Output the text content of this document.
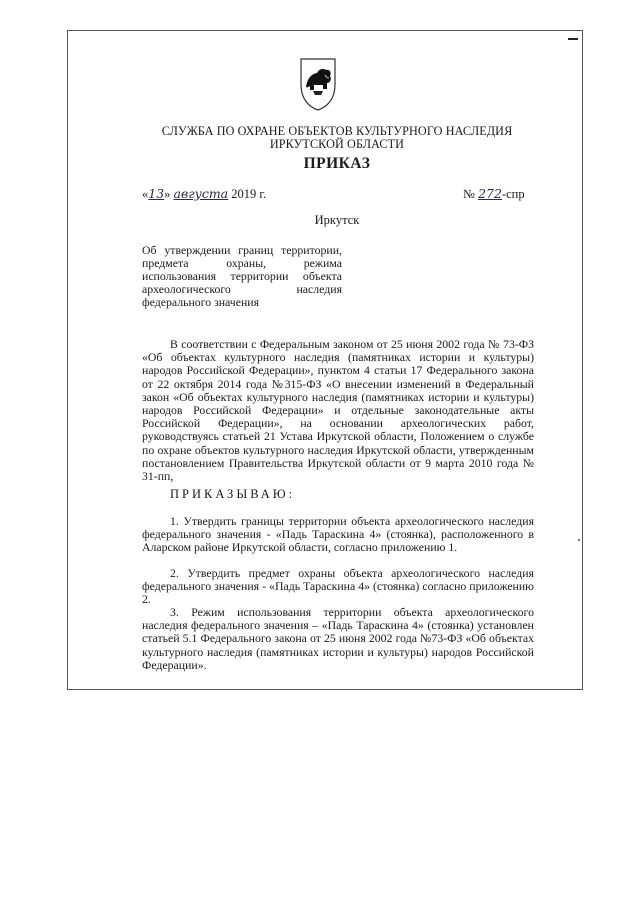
СЛУЖБА ПО ОХРАНЕ ОБЪЕКТОВ КУЛЬТУРНОГО НАСЛЕДИЯ
ИРКУТСКОЙ ОБЛАСТИ
ПРИКАЗ
«13» августа 2019 г.	№ 272-спр
Иркутск
Об утверждении границ территории, предмета охраны, режима использования территории объекта археологического наследия федерального значения
В соответствии с Федеральным законом от 25 июня 2002 года № 73-ФЗ «Об объектах культурного наследия (памятниках истории и культуры) народов Российской Федерации», пунктом 4 статьи 17 Федерального закона от 22 октября 2014 года №315-ФЗ «О внесении изменений в Федеральный закон «Об объектах культурного наследия (памятниках истории и культуры) народов Российской Федерации» и отдельные законодательные акты Российской Федерации», на основании археологических работ, руководствуясь статьей 21 Устава Иркутской области, Положением о службе по охране объектов культурного наследия Иркутской области, утвержденным постановлением Правительства Иркутской области от 9 марта 2010 года № 31-пп,
ПРИКАЗЫВАЮ:
1. Утвердить границы территории объекта археологического наследия федерального значения - «Падь Тараскина 4» (стоянка), расположенного в Аларском районе Иркутской области, согласно приложению 1.
2. Утвердить предмет охраны объекта археологического наследия федерального значения - «Падь Тараскина 4» (стоянка) согласно приложению 2.
3. Режим использования территории объекта археологического наследия федерального значения – «Падь Тараскина 4» (стоянка) установлен статьей 5.1 Федерального закона от 25 июня 2002 года №73-ФЗ «Об объектах культурного наследия (памятниках истории и культуры) народов Российской Федерации».
